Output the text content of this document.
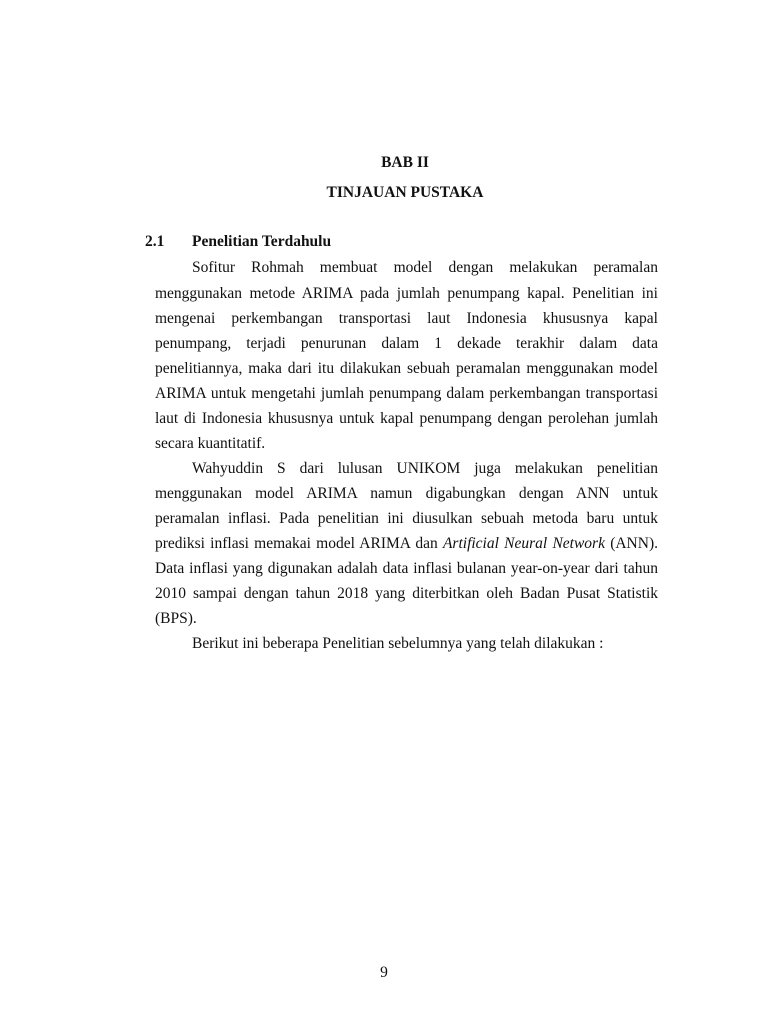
BAB II
TINJAUAN PUSTAKA
2.1 Penelitian Terdahulu
Sofitur Rohmah membuat model dengan melakukan peramalan
menggunakan metode ARIMA pada jumlah penumpang kapal. Penelitian ini
mengenai perkembangan transportasi laut Indonesia khususnya kapal
penumpang, terjadi penurunan dalam 1 dekade terakhir dalam data
penelitiannya, maka dari itu dilakukan sebuah peramalan menggunakan model
ARIMA untuk mengetahi jumlah penumpang dalam perkembangan transportasi
laut di Indonesia khususnya untuk kapal penumpang dengan perolehan jumlah
secara kuantitatif.
Wahyuddin S dari lulusan UNIKOM juga melakukan penelitian
menggunakan model ARIMA namun digabungkan dengan ANN untuk
peramalan inflasi. Pada penelitian ini diusulkan sebuah metoda baru untuk
prediksi inflasi memakai model ARIMA dan Artificial Neural Network (ANN).
Data inflasi yang digunakan adalah data inflasi bulanan year-on-year dari tahun
2010 sampai dengan tahun 2018 yang diterbitkan oleh Badan Pusat Statistik
(BPS).
Berikut ini beberapa Penelitian sebelumnya yang telah dilakukan :
9
